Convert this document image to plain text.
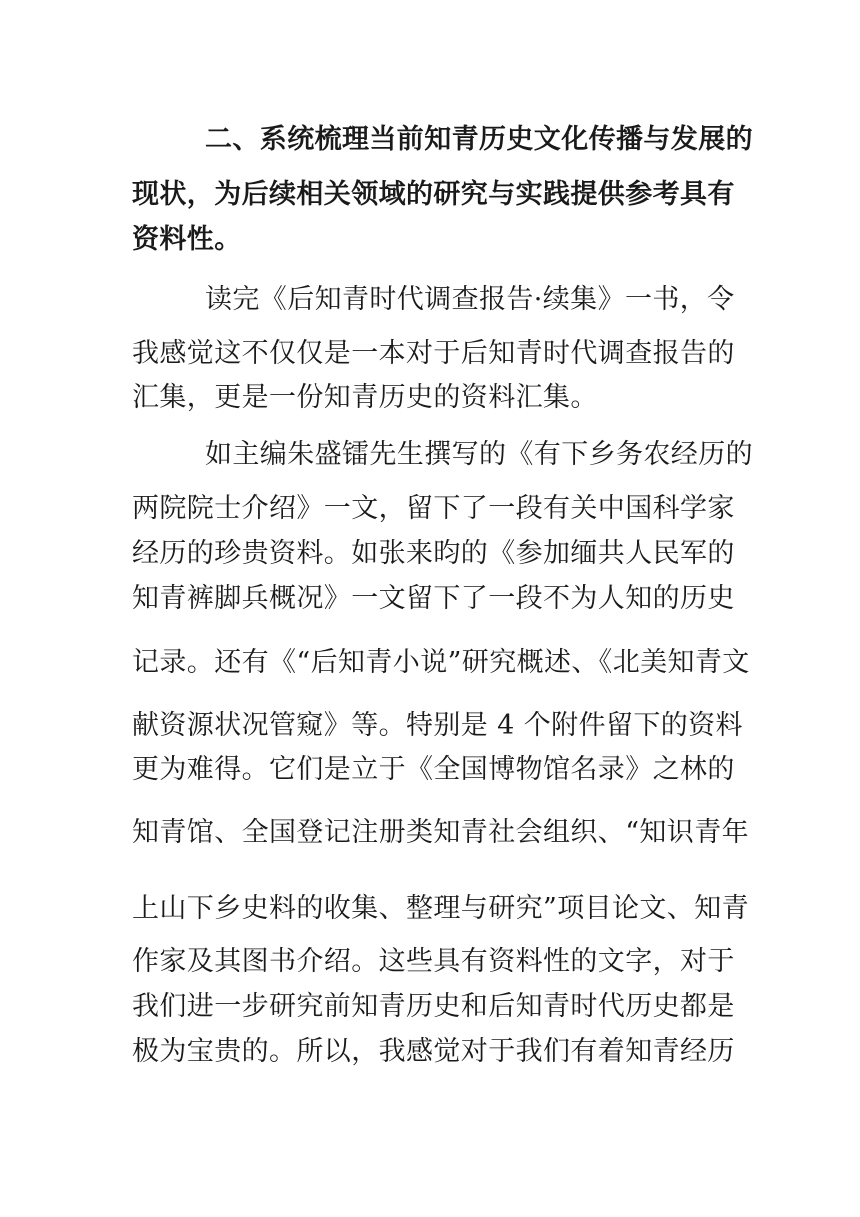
二、系统梳理当前知青历史文化传播与发展的
现状，为后续相关领域的研究与实践提供参考具有
资料性。
读完《后知青时代调查报告·续集》一书，令
我感觉这不仅仅是一本对于后知青时代调查报告的
汇集，更是一份知青历史的资料汇集。
如主编朱盛镭先生撰写的《有下乡务农经历的
两院院士介绍》一文，留下了一段有关中国科学家
经历的珍贵资料。如张来昀的《参加缅共人民军的
知青裤脚兵概况》一文留下了一段不为人知的历史
记录。还有《“后知青小说”研究概述、《北美知青文
献资源状况管窥》等。特别是 4 个附件留下的资料
更为难得。它们是立于《全国博物馆名录》之林的
知青馆、全国登记注册类知青社会组织、“知识青年
上山下乡史料的收集、整理与研究”项目论文、知青
作家及其图书介绍。这些具有资料性的文字，对于
我们进一步研究前知青历史和后知青时代历史都是
极为宝贵的。所以，我感觉对于我们有着知青经历
